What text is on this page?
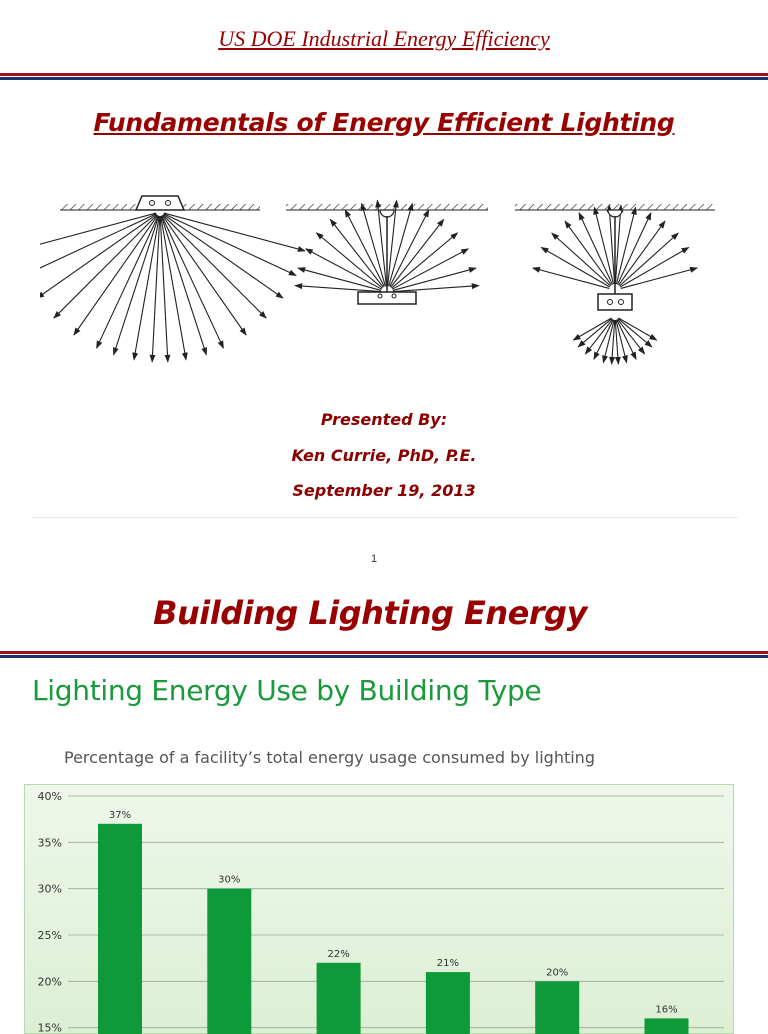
US DOE Industrial Energy Efficiency
Fundamentals of Energy Efficient Lighting
Presented By:
Ken Currie, PhD, P.E.
September 19, 2013
1
Building Lighting Energy
Lighting Energy Use by Building Type
Percentage of a facility’s total energy usage consumed by lighting
15%
20%
25%
30%
35%
40%
37%
30%
22%
21%
20%
16%
